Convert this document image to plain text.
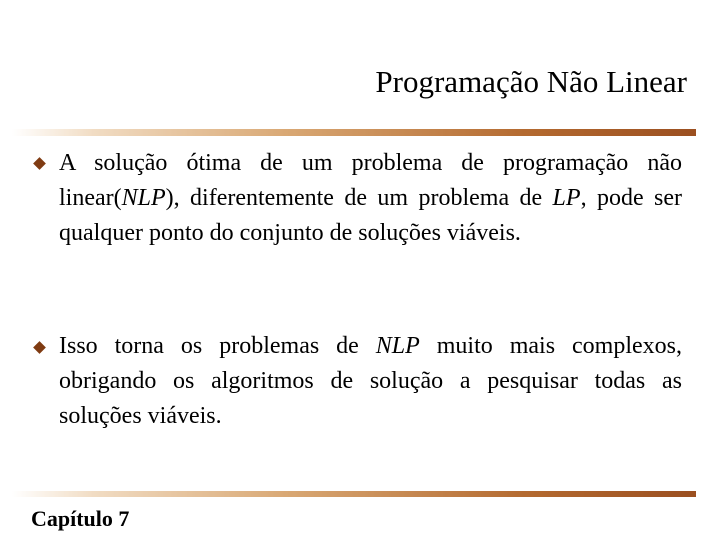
Programação Não Linear
A solução ótima de um problema de programação não linear(NLP), diferentemente de um problema de LP, pode ser qualquer ponto do conjunto de soluções viáveis.
Isso torna os problemas de NLP muito mais complexos, obrigando os algoritmos de solução a pesquisar todas as soluções viáveis.
Capítulo 7
